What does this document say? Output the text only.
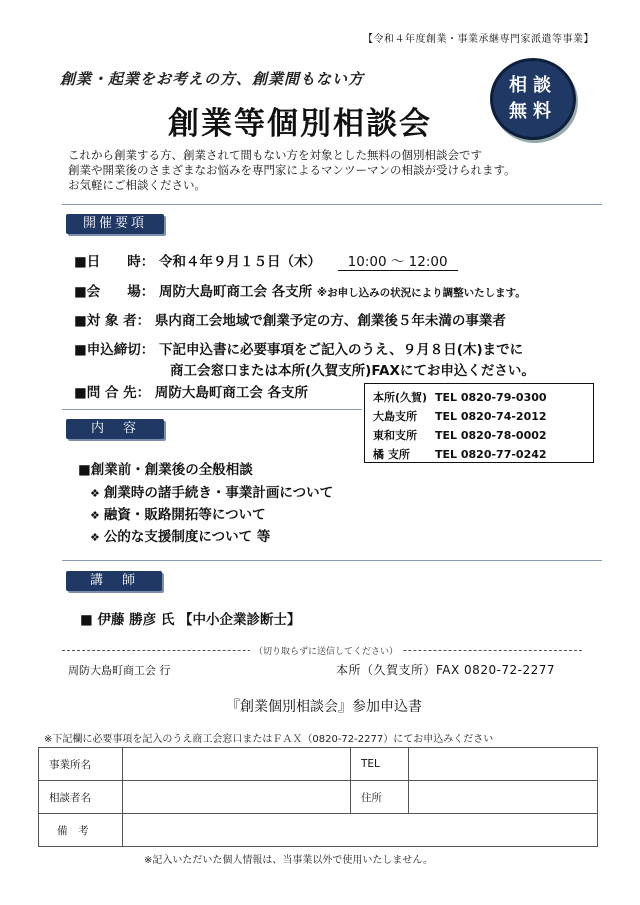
【令和４年度創業・事業承継専門家派遣等事業】
創業・起業をお考えの方、創業間もない方
創業等個別相談会
相談
無料
これから創業する方、創業されて間もない方を対象とした無料の個別相談会です
創業や開業後のさまざまなお悩みを専門家によるマンツーマンの相談が受けられます。
お気軽にご相談ください。
開催要項
■日　　時： 令和４年９月１５日（木） 10:00 ～ 12:00
■会　　場： 周防大島町商工会 各支所 ※お申し込みの状況により調整いたします。
■対 象 者： 県内商工会地域で創業予定の方、創業後５年未満の事業者
■申込締切： 下記申込書に必要事項をご記入のうえ、９月８日(木)までに
商工会窓口または本所(久賀支所)FAXにてお申込ください。
■問 合 先： 周防大島町商工会 各支所	本所(久賀) TEL 0820-79-0300
大島支所 TEL 0820-74-2012
東和支所 TEL 0820-78-0002
橘 支所 TEL 0820-77-0242
内　容
■創業前・創業後の全般相談
❖ 創業時の諸手続き・事業計画について
❖ 融資・販路開拓等について
❖ 公的な支援制度について 等
講　師
■ 伊藤 勝彦 氏 【中小企業診断士】
（切り取らずに送信してください）
周防大島町商工会 行	本所（久賀支所）FAX 0820-72-2277
『創業個別相談会』参加申込書
※下記欄に必要事項を記入のうえ商工会窓口またはＦＡＸ（0820-72-2277）にてお申込みください
事業所名		TEL	
相談者名		住所	
備　考			
※記入いただいた個人情報は、当事業以外で使用いたしません。
